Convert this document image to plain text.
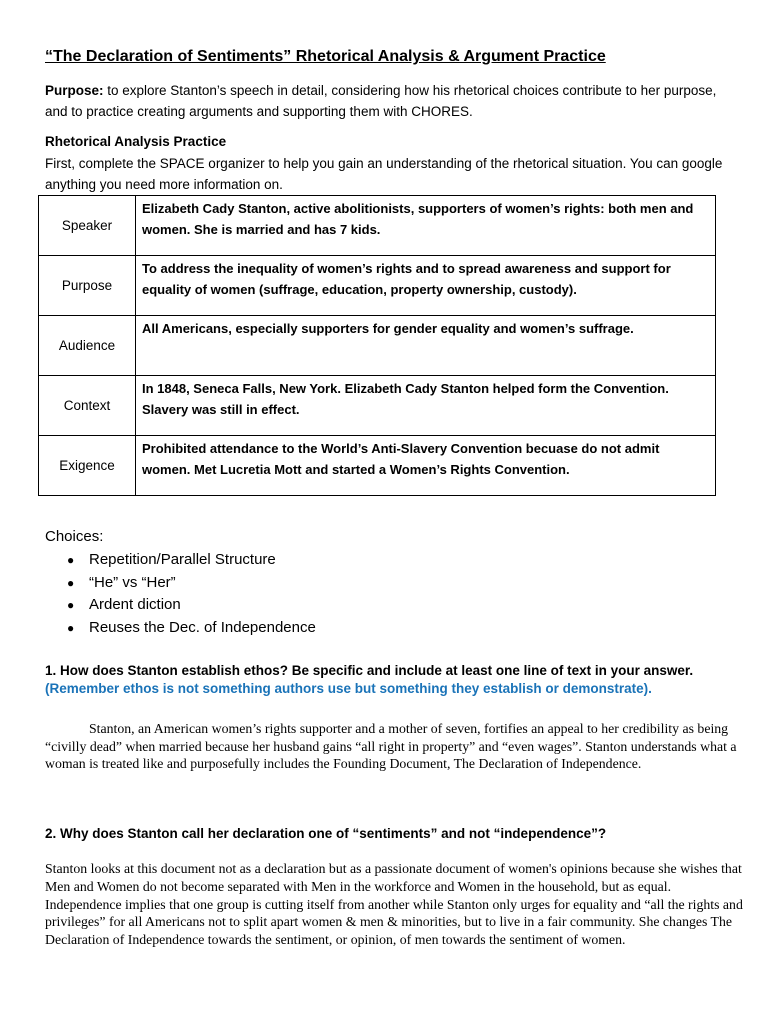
“The Declaration of Sentiments” Rhetorical Analysis & Argument Practice
Purpose: to explore Stanton’s speech in detail, considering how his rhetorical choices contribute to her purpose, and to practice creating arguments and supporting them with CHORES.
Rhetorical Analysis Practice
First, complete the SPACE organizer to help you gain an understanding of the rhetorical situation. You can google anything you need more information on.
Speaker	Elizabeth Cady Stanton, active abolitionists, supporters of women’s rights: both men and women. She is married and has 7 kids.
Purpose	To address the inequality of women’s rights and to spread awareness and support for equality of women (suffrage, education, property ownership, custody).
Audience	All Americans, especially supporters for gender equality and women’s suffrage.
Context	In 1848, Seneca Falls, New York. Elizabeth Cady Stanton helped form the Convention. Slavery was still in effect.
Exigence	Prohibited attendance to the World’s Anti-Slavery Convention becuase do not admit women. Met Lucretia Mott and started a Women’s Rights Convention.
Choices:
● Repetition/Parallel Structure
● “He” vs “Her”
● Ardent diction
● Reuses the Dec. of Independence
1. How does Stanton establish ethos? Be specific and include at least one line of text in your answer.
(Remember ethos is not something authors use but something they establish or demonstrate).
Stanton, an American women’s rights supporter and a mother of seven, fortifies an appeal to her credibility as being “civilly dead” when married because her husband gains “all right in property” and “even wages”. Stanton understands what a woman is treated like and purposefully includes the Founding Document, The Declaration of Independence.
2. Why does Stanton call her declaration one of “sentiments” and not “independence”?
Stanton looks at this document not as a declaration but as a passionate document of women's opinions because she wishes that Men and Women do not become separated with Men in the workforce and Women in the household, but as equal. Independence implies that one group is cutting itself from another while Stanton only urges for equality and “all the rights and privileges” for all Americans not to split apart women & men & minorities, but to live in a fair community. She changes The Declaration of Independence towards the sentiment, or opinion, of men towards the sentiment of women.
